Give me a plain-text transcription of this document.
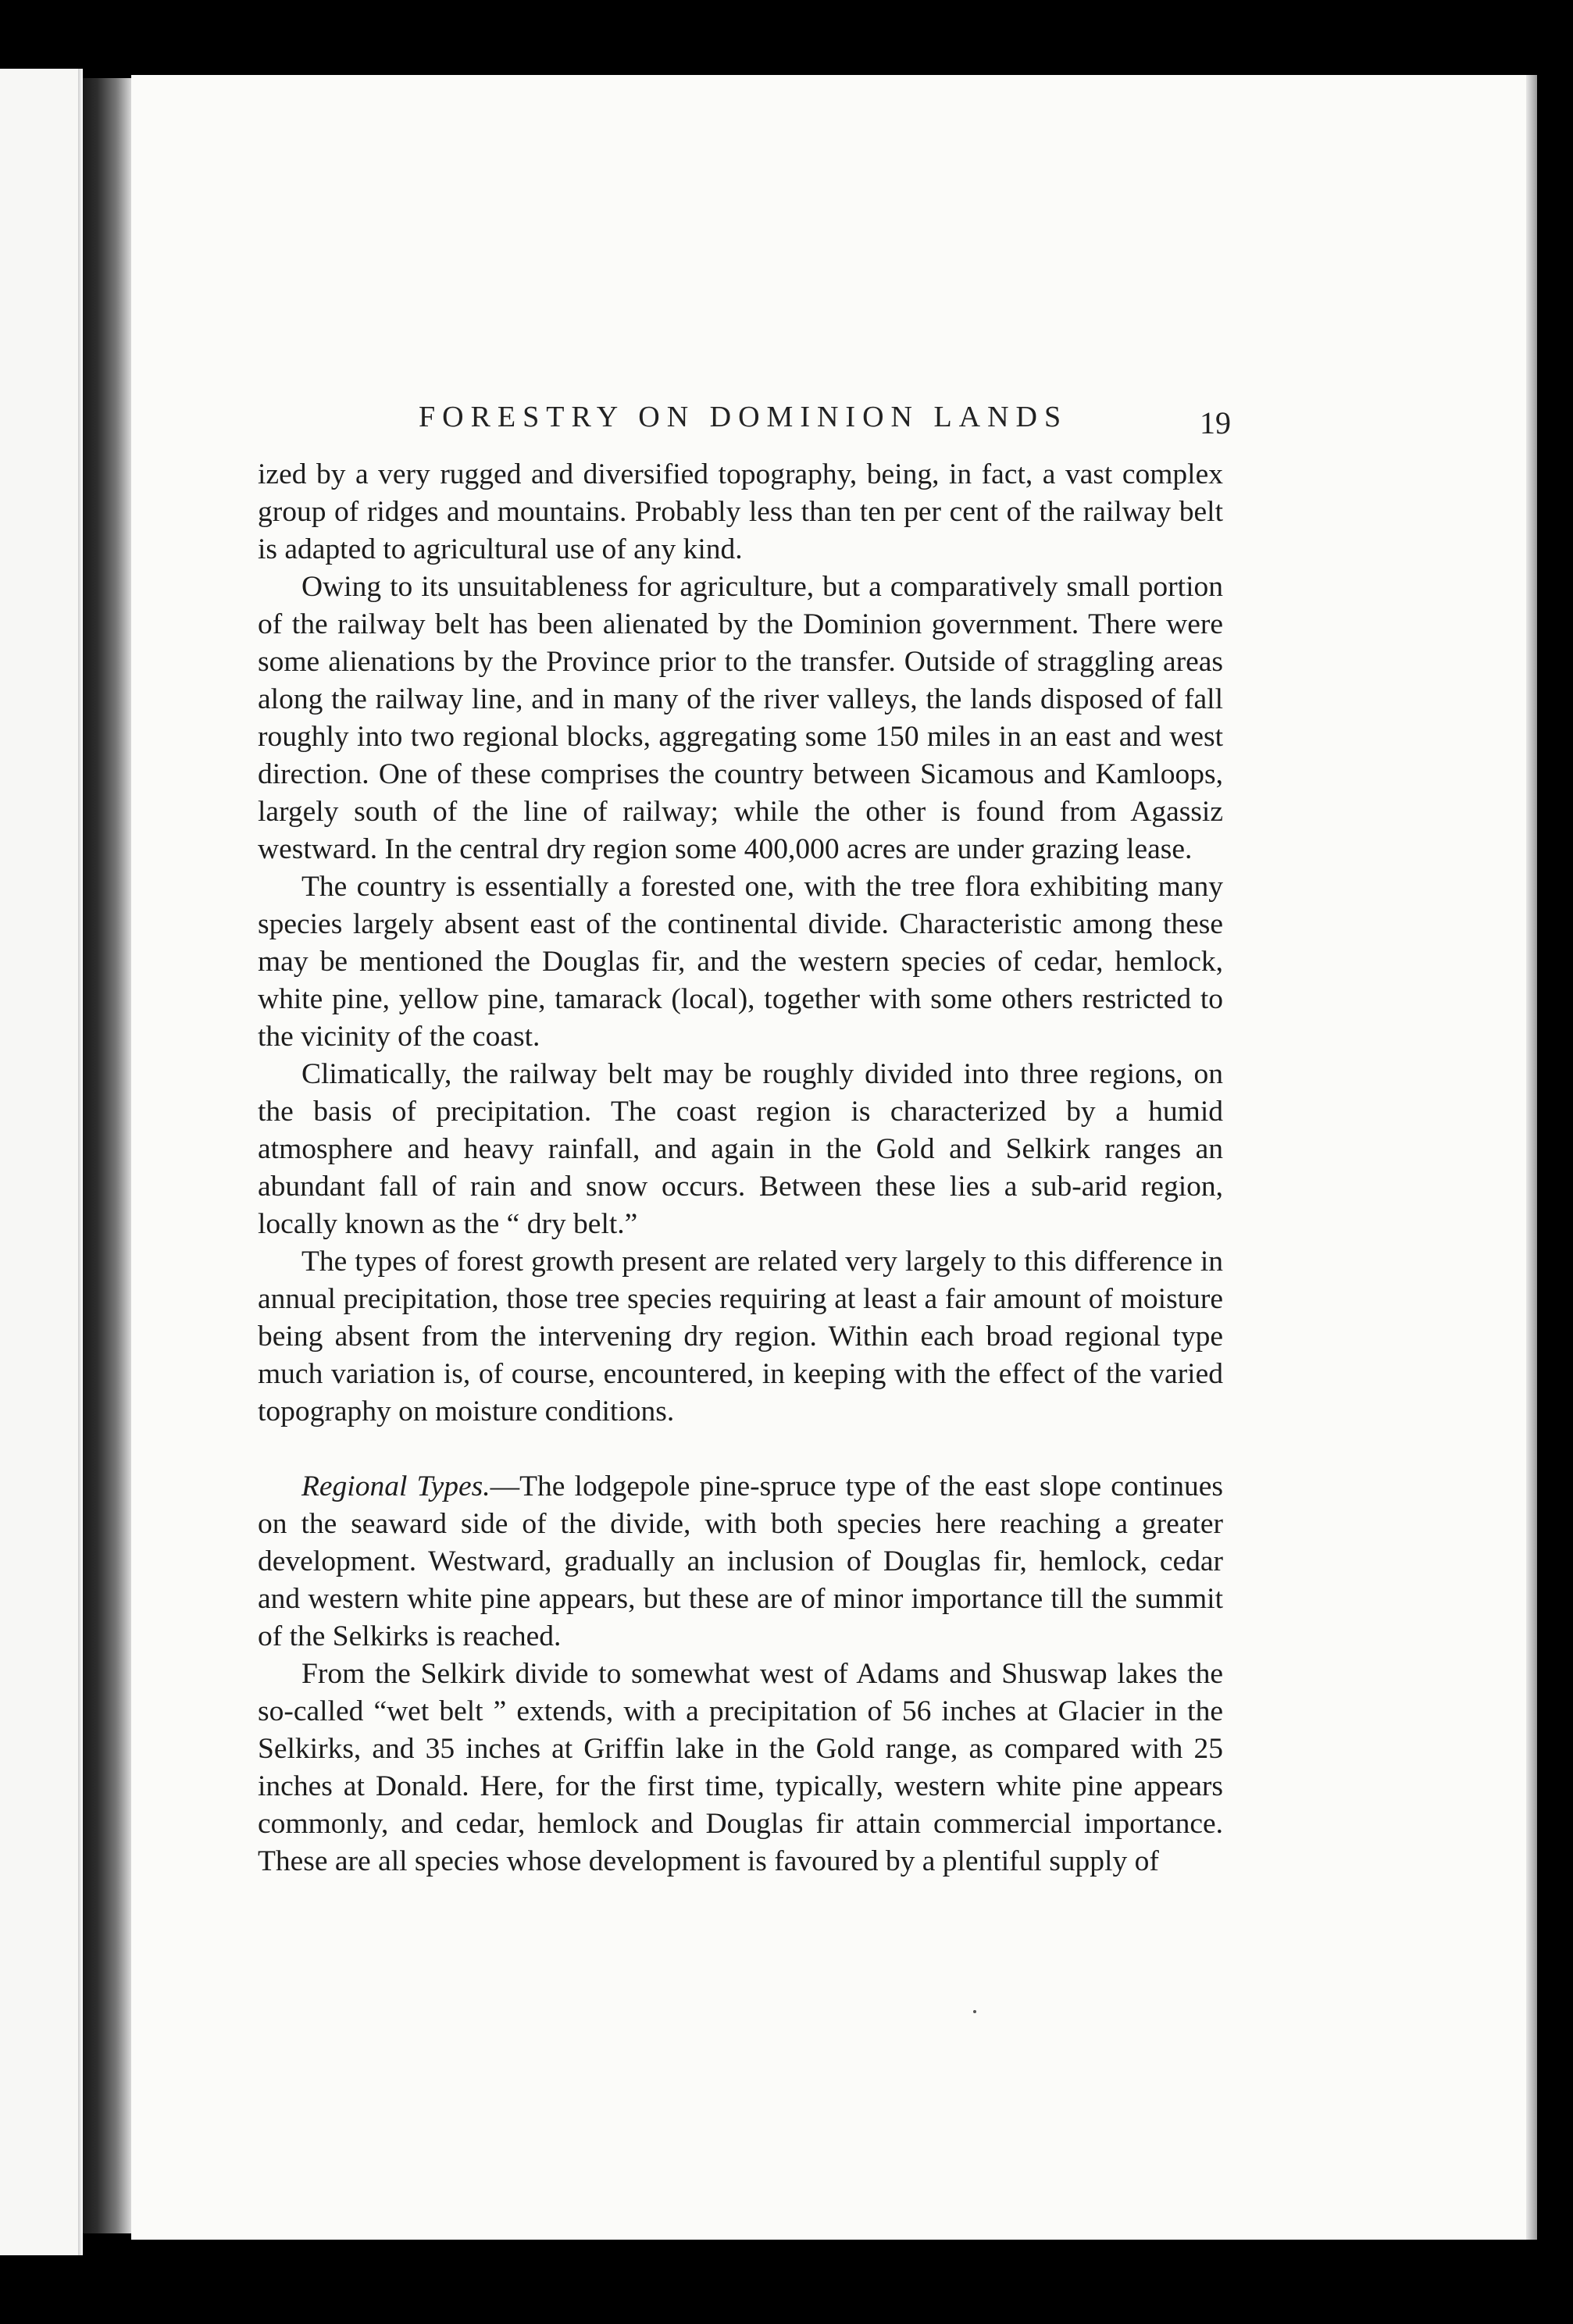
FORESTRY ON DOMINION LANDS	19

ized by a very rugged and diversified topography, being, in fact, a vast complex group of ridges and mountains. Probably less than ten per cent of the railway belt is adapted to agricultural use of any kind.

Owing to its unsuitableness for agriculture, but a comparatively small portion of the railway belt has been alienated by the Dominion government. There were some alienations by the Province prior to the transfer. Outside of straggling areas along the railway line, and in many of the river valleys, the lands disposed of fall roughly into two regional blocks, aggregating some 150 miles in an east and west direction. One of these comprises the country between Sicamous and Kamloops, largely south of the line of railway; while the other is found from Agassiz westward. In the central dry region some 400,000 acres are under grazing lease.

The country is essentially a forested one, with the tree flora exhibiting many species largely absent east of the continental divide. Characteristic among these may be mentioned the Douglas fir, and the western species of cedar, hemlock, white pine, yellow pine, tamarack (local), together with some others restricted to the vicinity of the coast.

Climatically, the railway belt may be roughly divided into three regions, on the basis of precipitation. The coast region is characterized by a humid atmosphere and heavy rainfall, and again in the Gold and Selkirk ranges an abundant fall of rain and snow occurs. Between these lies a sub-arid region, locally known as the “ dry belt.”

The types of forest growth present are related very largely to this difference in annual precipitation, those tree species requiring at least a fair amount of moisture being absent from the intervening dry region. Within each broad regional type much variation is, of course, encountered, in keeping with the effect of the varied topography on moisture conditions.

Regional Types.—The lodgepole pine-spruce type of the east slope continues on the seaward side of the divide, with both species here reaching a greater development. Westward, gradually an inclusion of Douglas fir, hemlock, cedar and western white pine appears, but these are of minor importance till the summit of the Selkirks is reached.

From the Selkirk divide to somewhat west of Adams and Shuswap lakes the so-called “wet belt ” extends, with a precipitation of 56 inches at Glacier in the Selkirks, and 35 inches at Griffin lake in the Gold range, as compared with 25 inches at Donald. Here, for the first time, typically, western white pine appears commonly, and cedar, hemlock and Douglas fir attain commercial importance. These are all species whose development is favoured by a plentiful supply of
